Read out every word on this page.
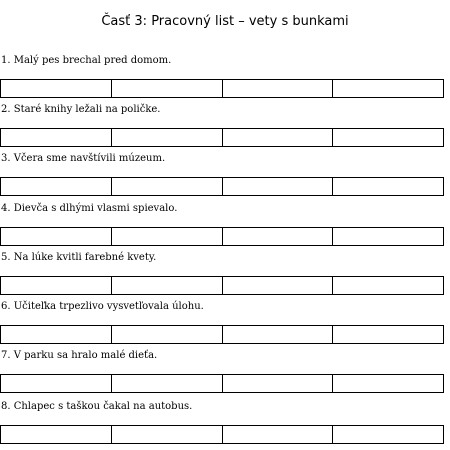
Časť 3: Pracovný list – vety s bunkami
1. Malý pes brechal pred domom.
2. Staré knihy ležali na poličke.
3. Včera sme navštívili múzeum.
4. Dievča s dlhými vlasmi spievalo.
5. Na lúke kvitli farebné kvety.
6. Učiteľka trpezlivo vysvetľovala úlohu.
7. V parku sa hralo malé dieťa.
8. Chlapec s taškou čakal na autobus.
